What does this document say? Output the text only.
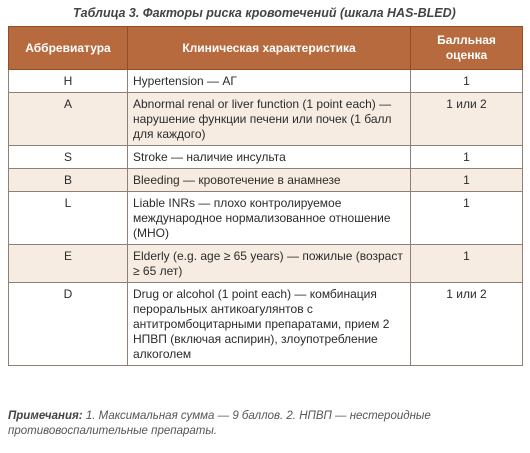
Таблица 3. Факторы риска кровотечений (шкала HAS-BLED)
Аббревиатура	Клиническая характеристика	Балльная оценка
H	Hypertension — АГ	1
A	Abnormal renal or liver function (1 point each) — нарушение функции печени или почек (1 балл для каждого)	1 или 2
S	Stroke — наличие инсульта	1
B	Bleeding — кровотечение в анамнезе	1
L	Liable INRs — плохо контролируемое международное нормализованное отношение (МНО)	1
E	Elderly (e.g. age ≥ 65 years) — пожилые (возраст ≥ 65 лет)	1
D	Drug or alcohol (1 point each) — комбинация пероральных антикоагулянтов с антитромбоцитарными препаратами, прием 2 НПВП (включая аспирин), злоупотребление алкоголем	1 или 2
Примечания: 1. Максимальная сумма — 9 баллов. 2. НПВП — нестероидные противовоспалительные препараты.
